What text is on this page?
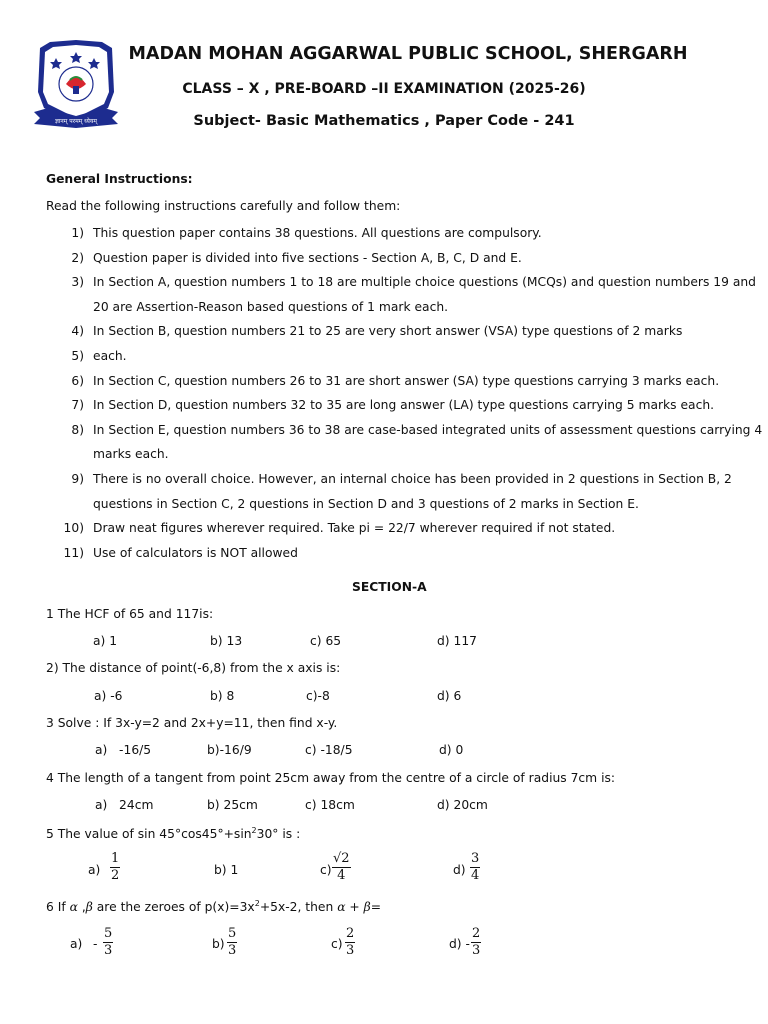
ज्ञानम् परमम् ध्येयम्
MADAN MOHAN AGGARWAL PUBLIC SCHOOL, SHERGARH
CLASS – X , PRE-BOARD –II EXAMINATION (2025-26)
Subject- Basic Mathematics , Paper Code - 241
General Instructions:
Read the following instructions carefully and follow them:
1) This question paper contains 38 questions. All questions are compulsory.
2) Question paper is divided into five sections - Section A, B, C, D and E.
3) In Section A, question numbers 1 to 18 are multiple choice questions (MCQs) and question numbers 19 and
20 are Assertion-Reason based questions of 1 mark each.
4) In Section B, question numbers 21 to 25 are very short answer (VSA) type questions of 2 marks
5) each.
6) In Section C, question numbers 26 to 31 are short answer (SA) type questions carrying 3 marks each.
7) In Section D, question numbers 32 to 35 are long answer (LA) type questions carrying 5 marks each.
8) In Section E, question numbers 36 to 38 are case-based integrated units of assessment questions carrying 4
marks each.
9) There is no overall choice. However, an internal choice has been provided in 2 questions in Section B, 2
questions in Section C, 2 questions in Section D and 3 questions of 2 marks in Section E.
10) Draw neat figures wherever required. Take pi = 22/7 wherever required if not stated.
11) Use of calculators is NOT allowed
SECTION-A
1 The HCF of 65 and 117is:
a) 1	b) 13	c) 65	d) 117
2) The distance of point(-6,8) from the x axis is:
a) -6	b) 8	c)-8	d) 6
3 Solve : If 3x-y=2 and 2x+y=11, then find x-y.
a)   -16/5	b)-16/9	c) -18/5	d) 0
4 The length of a tangent from point 25cm away from the centre of a circle of radius 7cm is:
a)   24cm	b) 25cm	c) 18cm	d) 20cm
5 The value of $\sin 45^\circ\cos 45^\circ+\sin^230^\circ$ is :
a)
1
2	b) 1	c)
√2
4	d)
3
4
6 If α ,β are the zeroes of $p(x)=3x^2+5x-2$, then α + β=
a) -
5
3	b)
5
3	c)
2
3	d) -
2
3
